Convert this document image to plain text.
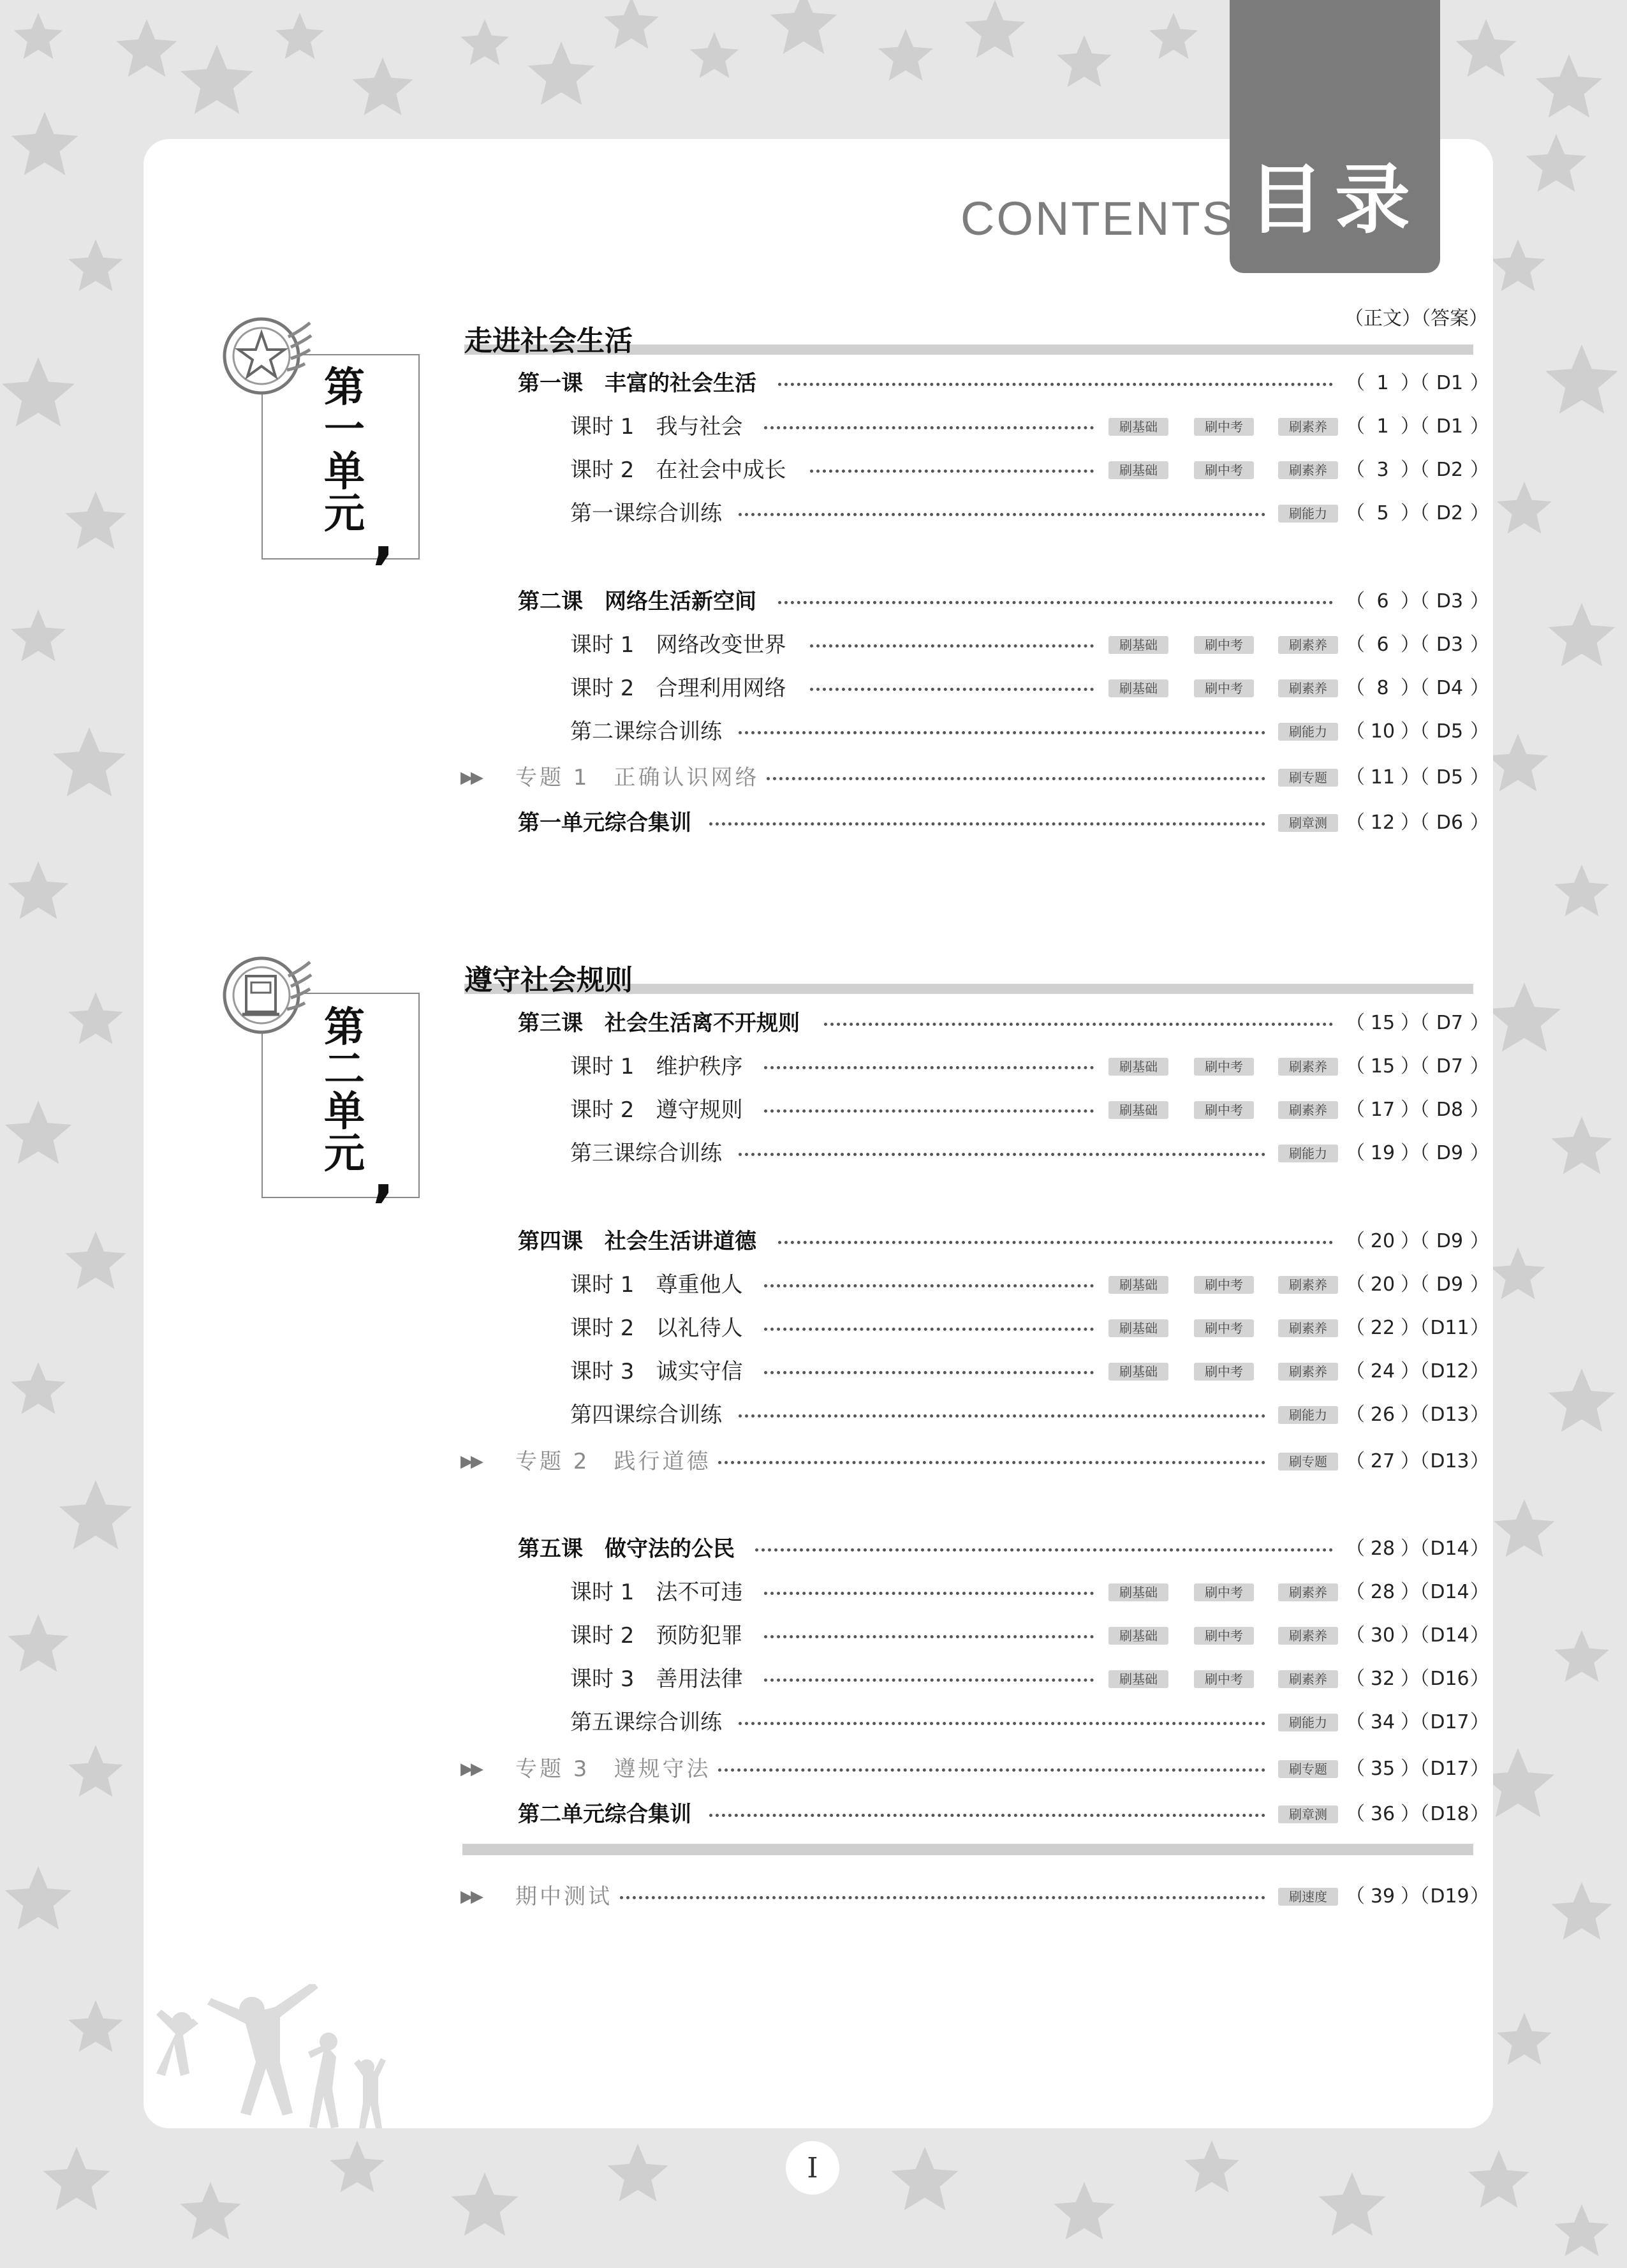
目录
CONTENTS
（正文）（答案）
第
一
单
元 ,
走进社会生活
第
二
单
元 ,
遵守社会规则
第一课　丰富的社会生活	（ 1 ）（ D1 ）
课时 1　我与社会	刷基础	刷中考	刷素养 （ 1 ）（ D1 ）
课时 2　在社会中成长	刷基础	刷中考	刷素养 （ 3 ）（ D2 ）
第一课综合训练	刷能力 （ 5 ）（ D2 ）
第二课　网络生活新空间	（ 6 ）（ D3 ）
课时 1　网络改变世界	刷基础	刷中考	刷素养 （ 6 ）（ D3 ）
课时 2　合理利用网络	刷基础	刷中考	刷素养 （ 8 ）（ D4 ）
第二课综合训练	刷能力 （ 10 ）（ D5 ）
▶▶ 专题 1　正确认识网络	刷专题 （ 11 ）（ D5 ）
第一单元综合集训	刷章测 （ 12 ）（ D6 ）
第三课　社会生活离不开规则	（ 15 ）（ D7 ）
课时 1　维护秩序	刷基础	刷中考	刷素养 （ 15 ）（ D7 ）
课时 2　遵守规则	刷基础	刷中考	刷素养 （ 17 ）（ D8 ）
第三课综合训练	刷能力 （ 19 ）（ D9 ）
第四课　社会生活讲道德	（ 20 ）（ D9 ）
课时 1　尊重他人	刷基础	刷中考	刷素养 （ 20 ）（ D9 ）
课时 2　以礼待人	刷基础	刷中考	刷素养 （ 22 ）（D11）
课时 3　诚实守信	刷基础	刷中考	刷素养 （ 24 ）（D12）
第四课综合训练	刷能力 （ 26 ）（D13）
▶▶ 专题 2　践行道德	刷专题 （ 27 ）（D13）
第五课　做守法的公民	（ 28 ）（D14）
课时 1　法不可违	刷基础	刷中考	刷素养 （ 28 ）（D14）
课时 2　预防犯罪	刷基础	刷中考	刷素养 （ 30 ）（D14）
课时 3　善用法律	刷基础	刷中考	刷素养 （ 32 ）（D16）
第五课综合训练	刷能力 （ 34 ）（D17）
▶▶ 专题 3　遵规守法	刷专题 （ 35 ）（D17）
第二单元综合集训	刷章测 （ 36 ）（D18）
▶▶ 期中测试	刷速度 （ 39 ）（D19）
I
